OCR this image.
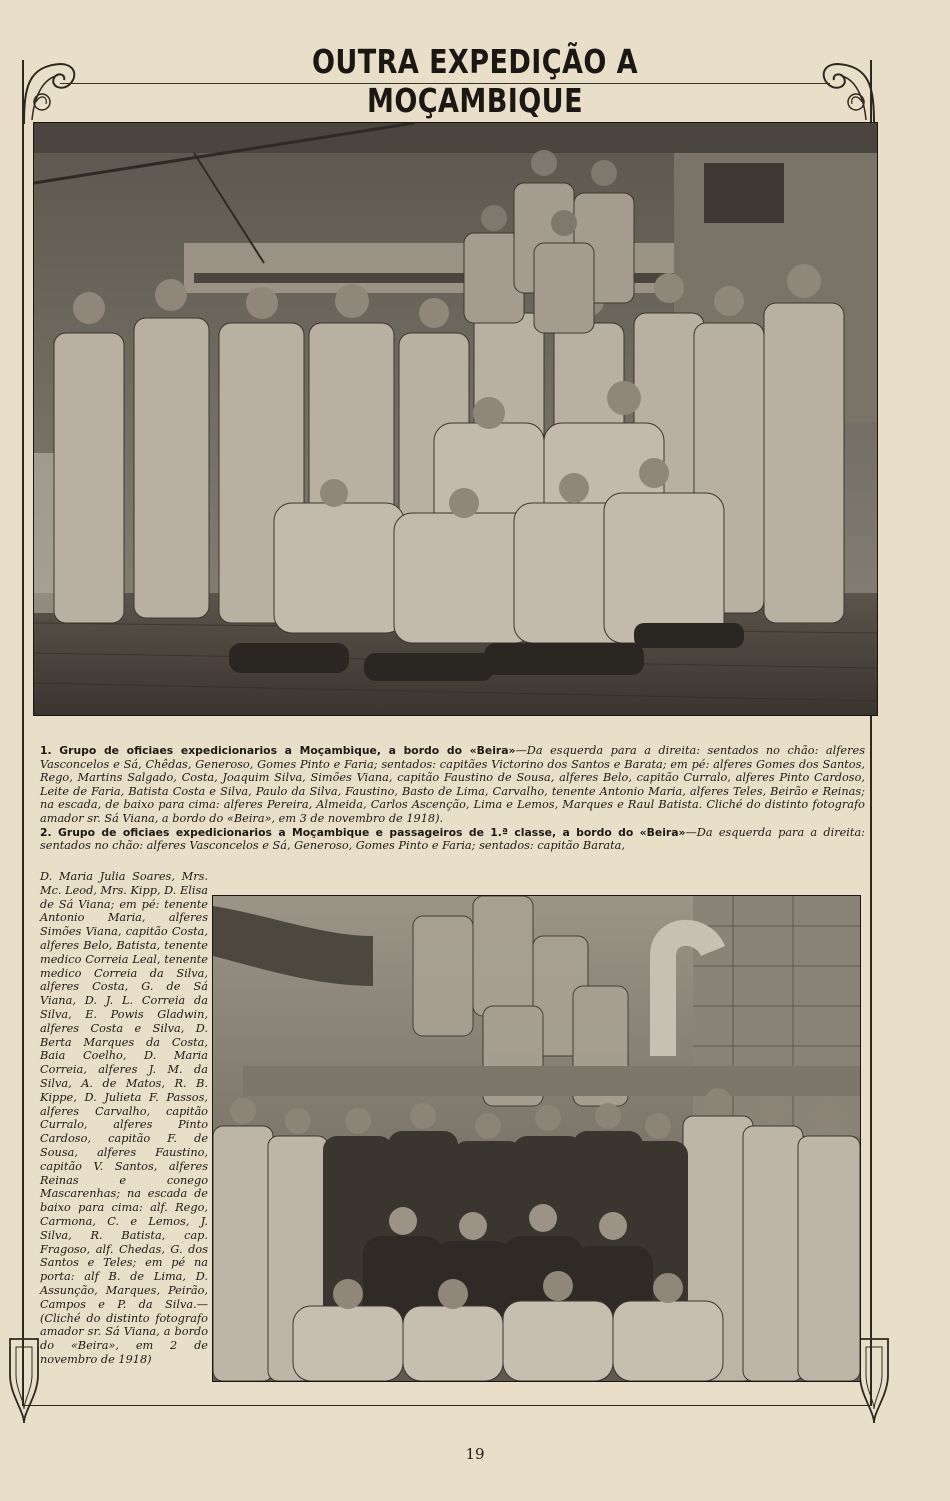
OUTRA EXPEDIÇÃO A MOÇAMBIQUE

1. Grupo de oficiaes expedicionarios a Moçambique, a bordo do «Beira»—Da esquerda para a direita: sentados no chão: alferes Vasconcelos e Sá, Chêdas, Generoso, Gomes Pinto e Faria; sentados: capitães Victorino dos Santos e Barata; em pé: alferes Gomes dos Santos, Rego, Martins Salgado, Costa, Joaquim Silva, Simões Viana, capitão Faustino de Sousa, alferes Belo, capitão Curralo, alferes Pinto Cardoso, Leite de Faria, Batista Costa e Silva, Paulo da Silva, Faustino, Basto de Lima, Carvalho, tenente Antonio Maria, alferes Teles, Beirão e Reinas; na escada, de baixo para cima: alferes Pereira, Almeida, Carlos Ascenção, Lima e Lemos, Marques e Raul Batista. Cliché do distinto fotografo amador sr. Sá Viana, a bordo do «Beira», em 3 de novembro de 1918).

2. Grupo de oficiaes expedicionarios a Moçambique e passageiros de 1.ª classe, a bordo do «Beira»—Da esquerda para a direita: sentados no chão: alferes Vasconcelos e Sá, Generoso, Gomes Pinto e Faria; sentados: capitão Barata,

D. Maria Julia Soares, Mrs. Mc. Leod, Mrs. Kipp, D. Elisa de Sá Viana; em pé: tenente Antonio Maria, alferes Simões Viana, capitão Costa, alferes Belo, Batista, tenente medico Correia Leal, tenente medico Correia da Silva, alferes Costa, G. de Sá Viana, D. J. L. Correia da Silva, E. Powis Gladwin, alferes Costa e Silva, D. Berta Marques da Costa, Baia Coelho, D. Maria Correia, alferes J. M. da Silva, A. de Matos, R. B. Kippe, D. Julieta F. Passos, alferes Carvalho, capitão Curralo, alferes Pinto Cardoso, capitão F. de Sousa, alferes Faustino, capitão V. Santos, alferes Reinas e conego Mascarenhas; na escada de baixo para cima: alf. Rego, Carmona, C. e Lemos, J. Silva, R. Batista, cap. Fragoso, alf. Chedas, G. dos Santos e Teles; em pé na porta: alf B. de Lima, D. Assunção, Marques, Peirão, Campos e P. da Silva.—(Cliché do distinto fotografo amador sr. Sá Viana, a bordo do «Beira», em 2 de novembro de 1918)
19
